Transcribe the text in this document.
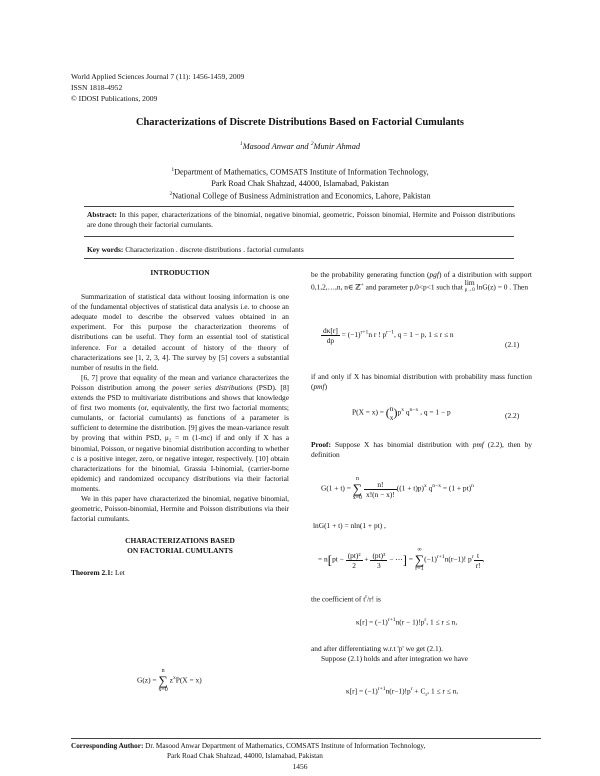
World Applied Sciences Journal 7 (11): 1456-1459, 2009
ISSN 1818-4952
© IDOSI Publications, 2009
Characterizations of Discrete Distributions Based on Factorial Cumulants
$^1$Masood Anwar and $^2$Munir Ahmad
$^1$Department of Mathematics, COMSATS Institute of Information Technology,
Park Road Chak Shahzad, 44000, Islamabad, Pakistan
$^2$National College of Business Administration and Economics, Lahore, Pakistan
Abstract: In this paper, characterizations of the binomial, negative binomial, geometric, Poisson binomial, Hermite and Poisson distributions are done through their factorial cumulants.
Key words: Characterization . discrete distributions . factorial cumulants
INTRODUCTION

Summarization of statistical data without loosing information is one of the fundamental objectives of statistical data analysis i.e. to choose an adequate model to describe the observed values obtained in an experiment. For this purpose the characterization theorems of distributions can be useful. They form an essential tool of statistical inference. For a detailed account of history of the theory of characterizations see [1, 2, 3, 4]. The survey by [5] covers a substantial number of results in the field.

[6, 7] prove that equality of the mean and variance characterizes the Poisson distribution among the power series distributions (PSD). [8] extends the PSD to multivariate distributions and shows that knowledge of first two moments (or, equivalently, the first two factorial moments; cumulants, or factorial cumulants) as functions of a parameter is sufficient to determine the distribution. [9] gives the mean-variance result by proving that within PSD, μ₂ = m (1-mc) if and only if X has a binomial, Poisson, or negative binomial distribution according to whether c is a positive integer, zero, or negative integer, respectively. [10] obtain characterizations for the binomial, Grassia I-binomial, (carrier-borne epidemic) and randomized occupancy distributions via their factorial moments.

We in this paper have characterized the binomial, negative binomial, geometric, Poisson-binomial, Hermite and Poisson distributions via their factorial cumulants.

CHARACTERIZATIONS BASED
ON FACTORIAL CUMULANTS
Theorem 2.1: Let
G(z) = n
∑
x=0 $z^xP(X = x)$
be the probability generating function (pgf) of a distribution with support 0,1,2,…,n, n∈ ℤ+ and parameter p,0<p<1 such that lim
p→0 lnG(z) = 0 . Then
$\frac{d\kappa[r]}{dp} = (-1)^{r+1}n$ r ! $p^{r-1}$, q = 1 − p, 1 ≤ r ≤ n
(2.1)
if and only if X has binomial distribution with probability mass function (pmf)
P(X = x) = ( n
x )$p^x$ $q^{n-x}$ , q = 1 − p	(2.2)
Proof: Suppose X has binomial distribution with pmf (2.2), then by definition
G(1 + t) = n
∑
$x=0 \frac{n!}{x!(n - x)!} ((1 + t)p)^x$ $q^{n-x} = (1 + pt)^n$
lnG(1 + t) = nln(1 + pt) ,
= $n[pt - \frac{\text{(pt)²}}{2} + \frac{\text{(pt)³}}{3}$ − ⋯] = ∞
∑
$r=1(-1)^{r+1}n(r-1)$! $p^r \frac{t}{r!}$ ,
the coefficient of $t^r/r$! is
$\kappa[r] = (-1)^{r+1}n(r - 1)!p^r$, 1 ≤ r ≤ n,
and after differentiating w.r.t 'p' we get (2.1).
Suppose (2.1) holds and after integration we have
$\kappa[r] = (-1)^{r+1}n(r-1)!p^r + C_r$, 1 ≤ r ≤ n,
Corresponding Author: Dr. Masood Anwar Department of Mathematics, COMSATS Institute of Information Technology,
Park Road Chak Shahzad, 44000, Islamabad, Pakistan
1456
